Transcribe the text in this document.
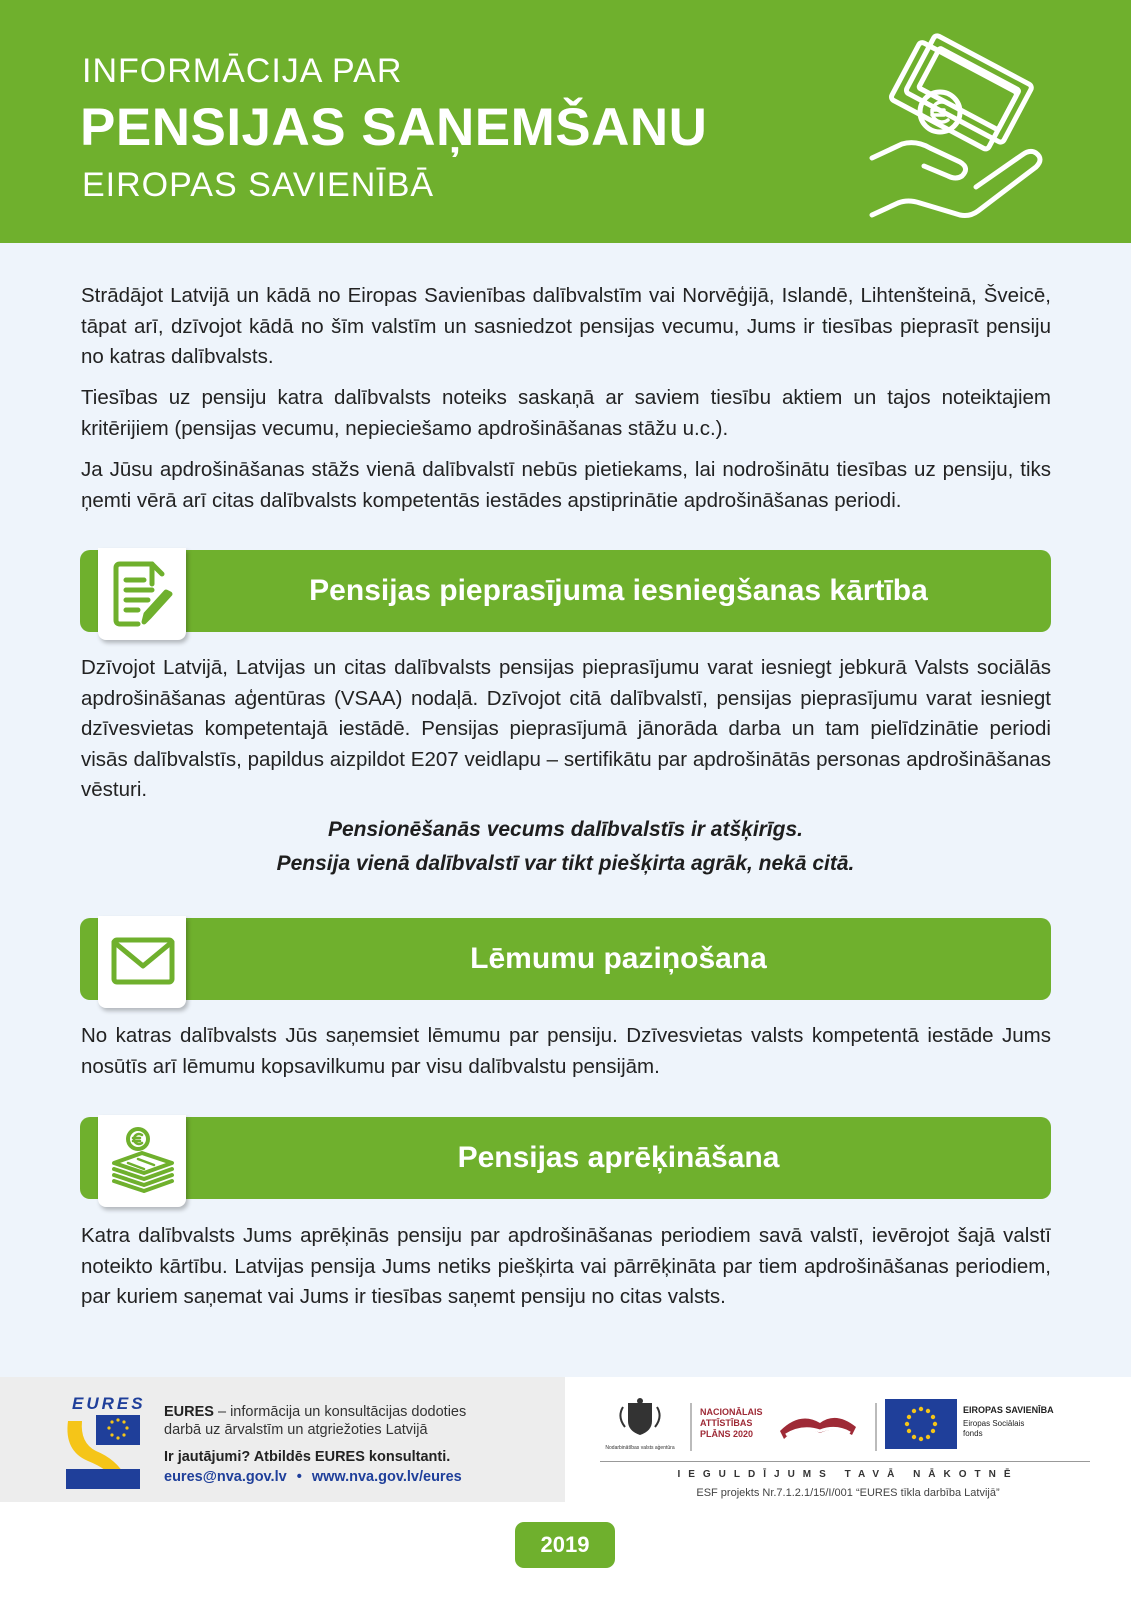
INFORMĀCIJA PAR
PENSIJAS SAŅEMŠANU
EIROPAS SAVIENĪBĀ

Strādājot Latvijā un kādā no Eiropas Savienības dalībvalstīm vai Norvēģijā, Islandē, Lihtenšteinā, Šveicē, tāpat arī, dzīvojot kādā no šīm valstīm un sasniedzot pensijas vecumu, Jums ir tiesības pieprasīt pensiju no katras dalībvalsts.

Tiesības uz pensiju katra dalībvalsts noteiks saskaņā ar saviem tiesību aktiem un tajos noteiktajiem kritērijiem (pensijas vecumu, nepieciešamo apdrošināšanas stāžu u.c.).

Ja Jūsu apdrošināšanas stāžs vienā dalībvalstī nebūs pietiekams, lai nodrošinātu tiesības uz pensiju, tiks ņemti vērā arī citas dalībvalsts kompetentās iestādes apstiprinātie apdrošināšanas periodi.

Pensijas pieprasījuma iesniegšanas kārtība

Dzīvojot Latvijā, Latvijas un citas dalībvalsts pensijas pieprasījumu varat iesniegt jebkurā Valsts sociālās apdrošināšanas aģentūras (VSAA) nodaļā. Dzīvojot citā dalībvalstī, pensijas pieprasījumu varat iesniegt dzīvesvietas kompetentajā iestādē. Pensijas pieprasījumā jānorāda darba un tam pielīdzinātie periodi visās dalībvalstīs, papildus aizpildot E207 veidlapu – sertifikātu par apdrošinātās personas apdrošināšanas vēsturi.

Pensionēšanās vecums dalībvalstīs ir atšķirīgs.
Pensija vienā dalībvalstī var tikt piešķirta agrāk, nekā citā.
Lēmumu paziņošana

No katras dalībvalsts Jūs saņemsiet lēmumu par pensiju. Dzīvesvietas valsts kompetentā iestāde Jums nosūtīs arī lēmumu kopsavilkumu par visu dalībvalstu pensijām.

Pensijas aprēķināšana

Katra dalībvalsts Jums aprēķinās pensiju par apdrošināšanas periodiem savā valstī, ievērojot šajā valstī noteikto kārtību. Latvijas pensija Jums netiks piešķirta vai pārrēķināta par tiem apdrošināšanas periodiem, par kuriem saņemat vai Jums ir tiesības saņemt pensiju no citas valsts.

EURES EURES – informācija un konsultācijas dodoties
darbā uz ārvalstīm un atgriežoties Latvijā
Ir jautājumi? Atbildēs EURES konsultanti.
eures@nva.gov.lv • www.nva.gov.lv/eures
Nodarbinātības valsts aģentūra
NACIONĀLAIS
ATTĪSTĪBAS
PLĀNS 2020
EIROPAS SAVIENĪBA
Eiropas Sociālais
fonds
IEGULDĪJUMS TAVĀ NĀKOTNĒ
ESF projekts Nr.7.1.2.1/15/I/001 “EURES tīkla darbība Latvijā”
2019
